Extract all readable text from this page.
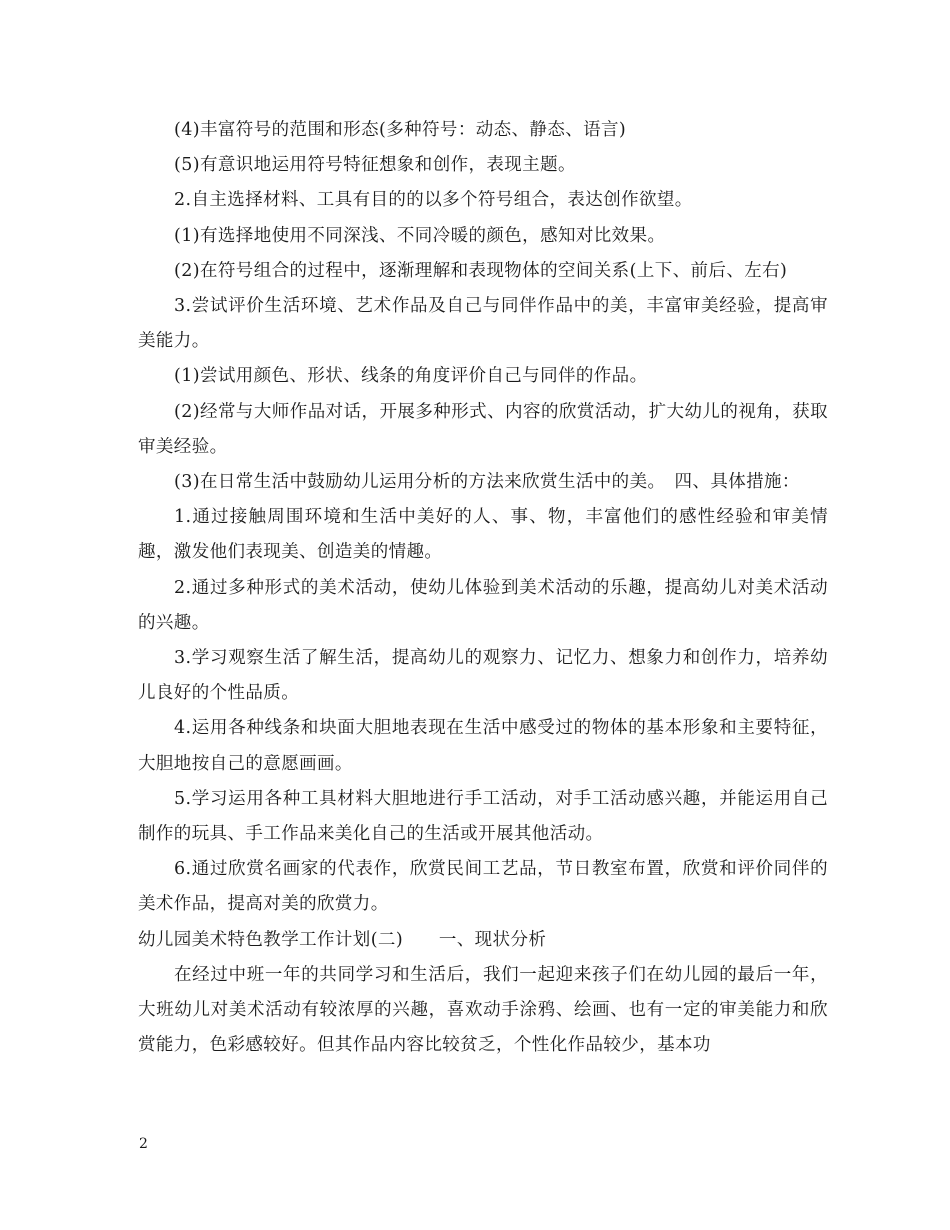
(4)丰富符号的范围和形态(多种符号：动态、静态、语言)

(5)有意识地运用符号特征想象和创作，表现主题。

2.自主选择材料、工具有目的的以多个符号组合，表达创作欲望。

(1)有选择地使用不同深浅、不同冷暖的颜色，感知对比效果。

(2)在符号组合的过程中，逐渐理解和表现物体的空间关系(上下、前后、左右)

3.尝试评价生活环境、艺术作品及自己与同伴作品中的美，丰富审美经验，提高审美能力。

(1)尝试用颜色、形状、线条的角度评价自己与同伴的作品。

(2)经常与大师作品对话，开展多种形式、内容的欣赏活动，扩大幼儿的视角，获取审美经验。

(3)在日常生活中鼓励幼儿运用分析的方法来欣赏生活中的美。　四、具体措施：

1.通过接触周围环境和生活中美好的人、事、物，丰富他们的感性经验和审美情趣，激发他们表现美、创造美的情趣。

2.通过多种形式的美术活动，使幼儿体验到美术活动的乐趣，提高幼儿对美术活动的兴趣。

3.学习观察生活了解生活，提高幼儿的观察力、记忆力、想象力和创作力，培养幼儿良好的个性品质。

4.运用各种线条和块面大胆地表现在生活中感受过的物体的基本形象和主要特征，大胆地按自己的意愿画画。

5.学习运用各种工具材料大胆地进行手工活动，对手工活动感兴趣，并能运用自己制作的玩具、手工作品来美化自己的生活或开展其他活动。

6.通过欣赏名画家的代表作，欣赏民间工艺品，节日教室布置，欣赏和评价同伴的美术作品，提高对美的欣赏力。

幼儿园美术特色教学工作计划(二)　　一、现状分析

在经过中班一年的共同学习和生活后，我们一起迎来孩子们在幼儿园的最后一年，大班幼儿对美术活动有较浓厚的兴趣，喜欢动手涂鸦、绘画、也有一定的审美能力和欣赏能力，色彩感较好。但其作品内容比较贫乏，个性化作品较少，基本功

2
